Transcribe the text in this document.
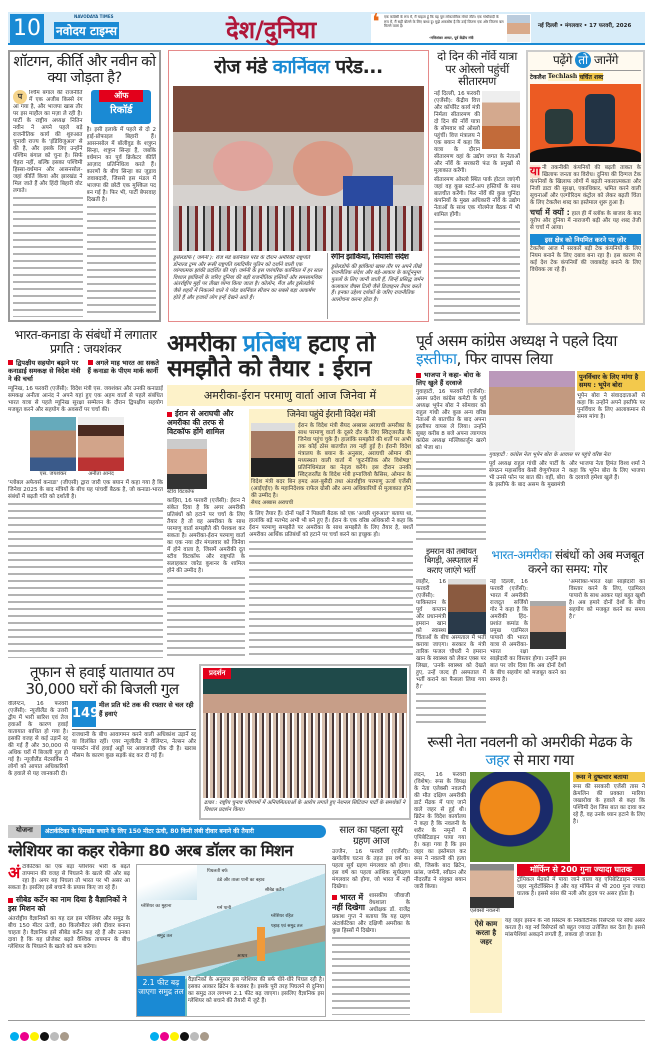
10	NAVODAYA TIMES
नवोदय टाइम्स	देश/दुनिया	❛ एक कांग्रेसी के रूप में, मैं चाहता हूं कि यह पूरा लोकतांत्रिक मोर्चा जीते। एक गांधीवादी के रूप में, मैं सही बोलने के लिए बाध्य हूं। मुझे अफसोस है कि उन्हें जितना एक ओर जितना बल मिलने वाला है।
-मणिशंकर अय्यर, पूर्व केंद्रीय मंत्री
नई दिल्ली • मंगलवार • 17 फरवरी, 2026
शॉटगन, कीर्ति और नवीन को क्या जोड़ता है?
प	श्चिम बंगाल की राजनीति में एक अजीब किस्से रंग आ गया है, और भाजपा खास तौर पर इस माहौल का मज़ा ले रही है। पार्टी के राष्ट्रीय अध्यक्ष नितिन नवीन ने अपने पहले बड़े राजनीतिक कार्य की शुरुआत चुनावी राज्य के 'इंडिविजुअल' से की है, और इसके लिए उन्होंने पश्चिम बंगाल को चुना है। सिर्फ चेहरा नहीं, बल्कि इसका पश्चिमी हिस्सा-वर्धमान और आसनसोल-जहां कीर्ति किया और झारखंड ने मिल जाते हैं और हिंदी बिहारी वोट लगाते।
ऑफ
रिकॉर्ड
है। इसी इलाके में पहले से दो 2 हाई-प्रोफाइल बिहारी हैं। आसनसोल में बॉलीवुड के शत्रुघ्न सिन्हा, शत्रुघ्न सिन्हा हैं, जबकि वर्धमान का पूर्व क्रिकेटर कीर्ति आज़ाद प्रतिनिधित्व करते हैं। कारणों के बीच सिन्हा का जुड़ाव जवाबदारी, जिससे इस मंडल में भाजपा की छोटी एक मुश्किल पद बन गई है। फिर भी, पार्टी बेपरवाह दिखती है।
रोज मंडे कार्निवल परेड...
डुसेलडोर्फ ( जर्मनी ): रोज मंडे कार्निवल परेड के दौरान अमेरिकी राष्ट्रपति डोनाल्ड ट्रम्प और रूसी राष्ट्रपति व्लादिमीर पुतिन को दर्शाने वाली एक व्यंग्यात्मक झांकी प्रदर्शित की गई। जर्मनी के इस पारंपरिक कार्निवल में हर साल विशाल झांकियों के जरिए दुनिया की बड़ी राजनीतिक हस्तियों और समसामयिक अंतर्राष्ट्रीय मुद्दों पर तीखा व्यंग्य किया जाता है। कोलोन, मैंज और डुसेलडोर्फ जैसे शहरों में निकलने वाले ये परेड कार्निवल सीजन का सबसे बड़ा आकर्षण होते हैं और हजारों लोग इन्हें देखने आते हैं।
रंगीन झांकियां, सियासी संदेश
डुसेलडोर्फ की झांकियां खास तौर पर अपने तीखे राजनीतिक संदेश और बड़े-आकार के कार्टूननुमा पुतलों के लिए जानी जाती हैं, जिन्हें प्रसिद्ध जर्मन कलाकार जैक्स टिली जैसे डिजाइनर तैयार करते हैं। इनका उद्देश्य दर्शकों के जरिए राजनीतिक आलोचना करना होता है।
दो दिन की नॉर्वे यात्रा पर ओस्लो पहुंचीं सीतारमण
नई दिल्ली, 16 फरवरी (एजेंसी): केंद्रीय वित्त और कॉर्पोरेट कार्य मंत्री निर्मला सीतारमण की दो दिन की नॉर्वे यात्रा के सोमवार को ओस्लो पहुंचीं। वित्त मंत्रालय ने एक बयान में कहा कि यात्रा के दौरान सीतारमण वहां के उद्योग जगत के नेताओं और नॉर्वे के सरकारी फंड के प्रमुखों से मुलाकात करेंगी।
सीतारमण ओस्लो स्थित पार्क होटल जाएंगी जहां वह कुछ स्टार्ट-अप हस्तियों के साथ बातचीत करेंगी। फिर नॉर्वे की कुछ चुनिंदा कंपनियों के मुख्य अधिकारी नॉर्वे के उद्योग नेताओं के साथ एक गोलमेज बैठक में भी शामिल होंगी।
पढ़ेंगे तो जानेंगे
टेकलैश Techlash चर्चित शब्द
या नी तकनीकी कंपनियों की बढ़ती ताकत के खिलाफ जनता का विरोध। दुनिया की दिग्गज टेक कंपनियों के खिलाफ लोगों में बढ़ती नकारात्मकता और निजी डाटा की सुरक्षा, एकाधिकार, भ्रमित करने वाली सूचनाओं और एल्गोरिदम कंट्रोल को लेकर बढ़ती चिंता के लिए टेकलैश शब्द का इस्तेमाल शुरू हुआ है।
चर्चा में क्यों : हाल ही में ब्लॉक के बाजार के बाद यूरोप और दुनिया में नाराजगी बढ़ी और यह शब्द तेजी से चर्चा में आया।
इस क्षेत्र को नियमित करने पर ज़ोर
टेकलैश आज में सरकारें बड़ी टेक कंपनियों के लिए नियम बनाने के लिए दबाव बना रहा है। इस कारण से कई देश टेक कंपनियों की जवाबदेह बनाने के लिए विधेयक ला रहे हैं।
भारत-कनाडा के संबंधों में लगातार प्रगति : जयशंकर
द्विपक्षीय सहयोग बढ़ाने पर कनाडाई समकक्ष से विदेश मंत्री ने की चर्चा
अगले माह भारत आ सकते हैं कनाडा के पीएम मार्क कार्नी
म्यूनिख, 16 फरवरी (एजेंसी): विदेश मंत्री एस. जयशंकर और उनकी कनाडाई समकक्ष अनीता आनंद ने अपने यहां हुए एक अहम वार्ता से पहले संबंधित भारत यात्रा से पहले म्यूनिख सुरक्षा सम्मेलन के दौरान द्विपक्षीय सहयोग मजबूत करने और सहयोग के अवसरों पर चर्चा की।
एस. जयशंकर	अनीता आनंद
'ग्लोबल अफेयर्स कनाडा' (जीएसी) द्वारा जारी एक बयान में कहा गया है कि जिनेवा 2025 के बाद मंत्रियों के बीच यह पांचवीं बैठक है, जो कनाडा-भारत संबंधों में बढ़ती गति को दर्शाती है।
अमरीका प्रतिबंध हटाए तो समझौते को तैयार : ईरान
अमरीका-ईरान परमाणु वार्ता आज जिनेवा में
ईरान से अराघची और अमरीका की तरफ से विटकॉफ होंगे शामिल
स्टीव विटकॉफ
काहिरा, 16 फरवरी (एजेंसी): ईरान ने संकेत दिया है कि अगर अमरीकी प्रतिबंधों को हटाने पर चर्चा के लिए तैयार है तो वह अमरीका के साथ परमाणु वार्ता समझौते की पेशकश कर सकता है। अमरीका-ईरान परमाणु वार्ता का एक नया दौर मंगलवार को जिनेवा में होने वाला है, जिसमें अमरीकी दूत स्टीव विटकॉफ और राष्ट्रपति के सलाहकार जारेड कुशनर के शामिल होने की उम्मीद है।
जिनेवा पहुंचे ईरानी विदेश मंत्री
ईरान के विदेश मंत्री सैयद अब्बास अराघची अमरीका के साथ परमाणु वार्ता के दूसरे दौर के लिए स्विट्जरलैंड के जिनेवा पहुंच चुके हैं। हालांकि समझौते की शर्तों पर अभी तक कोई ठोस बातचीत तय नहीं हुई है। ईरानी विदेश मंत्रालय के बयान के अनुसार, अराघची ओमान की मध्यस्थता वाली वार्ता में 'कूटनीतिक और विशेषज्ञ' प्रतिनिधिमंडल का नेतृत्व करेंगे। इस दौरान उनकी स्विट्जरलैंड के विदेश मंत्री इग्नाजियो कैसिस, ओमान के विदेश मंत्री बदर बिन हमद अल-बुसैदी तथा अंतर्राष्ट्रीय परमाणु ऊर्जा एजेंसी (आईएईए) के महानिदेशक राफेल ग्रोसी और अन्य अधिकारियों से मुलाकात होने की उम्मीद है।
सैयद अब्बास अराघची
के लिए तैयार हैं। दोनों पक्षों ने पिछली बैठक को एक 'अच्छी शुरुआत' बताया था, हालांकि बड़े मतभेद अभी भी बने हुए हैं। ईरान के एक वरिष्ठ अधिकारी ने कहा कि ईरान परमाणु समझौते पर अमरीका के साथ समझौते के लिए तैयार है, बशर्ते अमरीका आर्थिक प्रतिबंधों को हटाने पर चर्चा करने का इच्छुक हो।
पूर्व असम कांग्रेस अध्यक्ष ने पहले दिया इस्तीफा, फिर वापस लिया
भाजपा ने कहा- बोरा के लिए खुले हैं दरवाजे
गुवाहाटी, 16 फरवरी (एजेंसी): असम प्रदेश कांग्रेस कमेटी के पूर्व अध्यक्ष भूपेन बोरा ने सोमवार को राहुल गांधी और कुछ अन्य वरिष्ठ नेताओं से बातचीत के बाद अपना इस्तीफा वापस ले लिया। उन्होंने सुबह करीब 8 बजे अपना त्यागपत्र कांग्रेस अध्यक्ष मल्लिकार्जुन खरगे को भेजा था।
पुनर्विचार के लिए मांगा है समय : भूपेन बोरा
भूपेन बोरा ने संवाददाताओं से कहा कि उन्होंने अपने इस्तीफे पर पुनर्विचार के लिए आलाकमान से समय मांगा है।
गुवाहाटी : कांग्रेस नेता भूपेन बोरा के आवास पर पहुंचे वरिष्ठ नेता
पूर्व अध्यक्ष राहुल गांधी और पार्टी के संगठन महासचिव केसी वेणुगोपाल ने भी उनसे फोन पर बात की। वहीं, बोरा के इस्तीफे के बाद असम के मुख्यमंत्री और भाजपा नेता हिमंत विश्व शर्मा ने कहा कि भूपेन बोरा के लिए भाजपा के दरवाजे हमेशा खुले हैं।
इमरान की तबीयत बिगड़ी, अस्पताल में कराए जाएंगे भर्ती
लाहौर, 16 फरवरी (एजेंसी): पाकिस्तान के पूर्व कप्तान और प्रधानमंत्री इमरान खान को स्वास्थ्य चिंताओं के बीच अस्पताल में भर्ती कराया जाएगा। सरकार के मंत्री तारिक फजल चौधरी ने इमरान खान के स्वास्थ्य को लेकर एक्स पर लिखा, 'उनके स्वास्थ्य को देखते हुए, उन्हें जल्द ही अस्पताल में भर्ती कराने का फैसला लिया गया है।'
भारत-अमरीका संबंधों को अब मजबूत करने का समय: गोर
नई दिल्ली, 16 फरवरी (एजेंसी): भारत में अमरीकी राजदूत सर्जियो गोर ने कहा है कि अमरीकी हिंद-प्रशांत कमांड के प्रमुख एडमिरल पापारो की भारत यात्रा से अमरीका-भारत रक्षा साझेदारी का विस्तार होगा। उन्होंने इस बात पर जोर दिया कि अब दोनों देशों के बीच सहयोग को मजबूत करने का समय है।
'अमरीका-भारत रक्षा साझेदारी का विस्तार करने के लिए, एडमिरल पापारो के साथ आकर यहां बहुत खुशी है। अब हमारे दोनों देशों के बीच सहयोग को मजबूत करने का समय है।'
तूफान से हवाई यातायात ठप 30,000 घरों की बिजली गुल
वेलिंग्टन, 16 फरवरी (एजेंसी): न्यूजीलैंड के उत्तरी द्वीप में भारी बारिश एवं तेज हवाओं के कारण हवाई यातायात बाधित हो गया है। इसकी वजह से कई उड़ानें रद्द की गई हैं और 30,000 से अधिक घरों में बिजली गुल हो गई है। न्यूजीलैंड मेटसर्विस ने लोगों को आपात अधिकारियों के हवाले से यह जानकारी दी।
149
मील प्रति घंटे तक की रफ्तार से चल रही हैं हवाएं
राजधानी के बीच आवागमन करने वाली अधिकांश उड़ानें रद्द या विलंबित रहीं। एयर न्यूजीलैंड ने वेलिंग्टन, नेल्सन और पामर्स्टन नॉर्थ हवाई अड्डों पर आवाजाही रोक दी है। खराब मौसम के कारण कुछ सड़कें बंद कर दी गई हैं।
प्रदर्शन
ढाका : राष्ट्रीय चुनाव परिणामों में अनियमितताओं के आरोप लगाते हुए नेशनल सिटिजन पार्टी के समर्थकों ने विशाल प्रदर्शन किया।
रूसी नेता नवलनी को अमरीकी मेढक के जहर से मारा गया
लंदन, 16 फरवरी (विशेष): रूस के विपक्ष के नेता एलेक्सी नवलनी की मौत दक्षिण अमरीकी डार्ट मेंढक में पाए जाने वाले जहर से हुई थी। ब्रिटेन के विदेश कार्यालय ने कहा है कि नवलनी के शरीर के नमूनों में एपिबेटिडाइन पाया गया है। कहा गया है कि इस जहर का इस्तेमाल कर रूस ने नवलनी की हत्या की, जिसके बाद ब्रिटेन, फ्रांस, जर्मनी, स्वीडन और नीदरलैंड ने संयुक्त बयान जारी किया।
रूस ने दुष्प्रचार बताया
रूस की सरकारी एजेंसी तास ने क्रेमलिन की प्रवक्ता मारिया जखारोवा के हवाले से कहा कि पश्चिमी देश जिस बात का दावा कर रहे हैं, वह उनके ध्यान हटाने के लिए है।
एलेक्सी नवलनी
मॉर्फिन से 200 गुना ज्यादा घातक
ट्रॉपिकल मेंढकों में पाया जाने वाला यह एपिबेटिडाइन नामक जहर न्यूरोटॉक्सिन है और यह मॉर्फिन से भी 200 गुना ज्यादा घातक है। इससे सांस की नली और हृदय पर असर होता है।
ऐसे काम करता है जहर
यह जहर इंसान के नर्व सिस्टम के निकोटिनिक रिसेप्टर्स पर सीधे असर करता है। यह नर्व रिसेप्टर्स को बहुत ज्यादा उत्तेजित कर देता है। इससे मांसपेशियां अकड़ने लगती हैं, लकवा हो जाता है।
योजना	अंटार्कटिका के हिमखंड बचाने के लिए 150 मीटर ऊंची, 80 किमी लंबी दीवार बनाने की तैयारी
ग्लेशियर का कहर रोकेगा 80 अरब डॉलर का मिशन
अंटार्कटिका का एक बड़ा ग्लेशियर भारी के बढ़ते तापमान की वजह से पिघलने के खतरे की ओर बढ़ रहा है। अगर यह पिघला तो भारत पर भी असर आ सकता है। इसलिए इसे बचाने के प्रयास किए जा रहे हैं।
सीबेड कर्टेन का नाम दिया है वैज्ञानिकों ने इस मिशन को
अंतर्राष्ट्रीय वैज्ञानिकों का यह दल इस ग्लेशियर और समुद्र के बीच 150 मीटर ऊंची, 80 किलोमीटर लंबी दीवार बनाना चाहता है। वैज्ञानिक इसे सीबेड कर्टेन कह रहे हैं और उनका दावा है कि यह प्रोजेक्ट बढ़ते वैश्विक तापमान के बीच ग्लेशियर के पिघलने के खतरे को कम करेगा।
पिघलती बर्फ
ठंडे और ताजा पानी का बहाव
सीबेड कर्टेन
ग्लेशियर का मुहाना	गर्म पानी
समुद्र तल
आधार
ग्लेशियर रहित
पहाड़ एवं समुद्र तल
2.1 फीट बढ़ जाएगा समुद्र तल
वैज्ञानिकों के अनुसार इस ग्लेशियर की बर्फ धीरे-धीरे पिघल रही है। इसका आकार ब्रिटेन के बराबर है। इसके पूरी तरह पिघलने से दुनिया का समुद्र तल लगभग 2.1 फीट बढ़ जाएगा। इसलिए वैज्ञानिक इस ग्लेशियर को बचाने की तैयारी में जुटे हैं।
साल का पहला सूर्य ग्रहण आज
उज्जैन, 16 फरवरी (एजेंसी): खगोलीय घटना के तहत इस वर्ष का पहला सूर्य ग्रहण मंगलवार को होगा। इस वर्ष का पहला आंशिक सूर्यग्रहण मंगलवार को होगा, जो भारत में नहीं दिखेगा।
भारत में नहीं दिखेगा
शासकीय जीवाजी वेधशाला के अधीक्षक डॉ. राजेंद्र प्रकाश गुप्त ने बताया कि यह ग्रहण अंटार्कटिका और दक्षिणी अमरीका के कुछ हिस्सों में दिखेगा।
